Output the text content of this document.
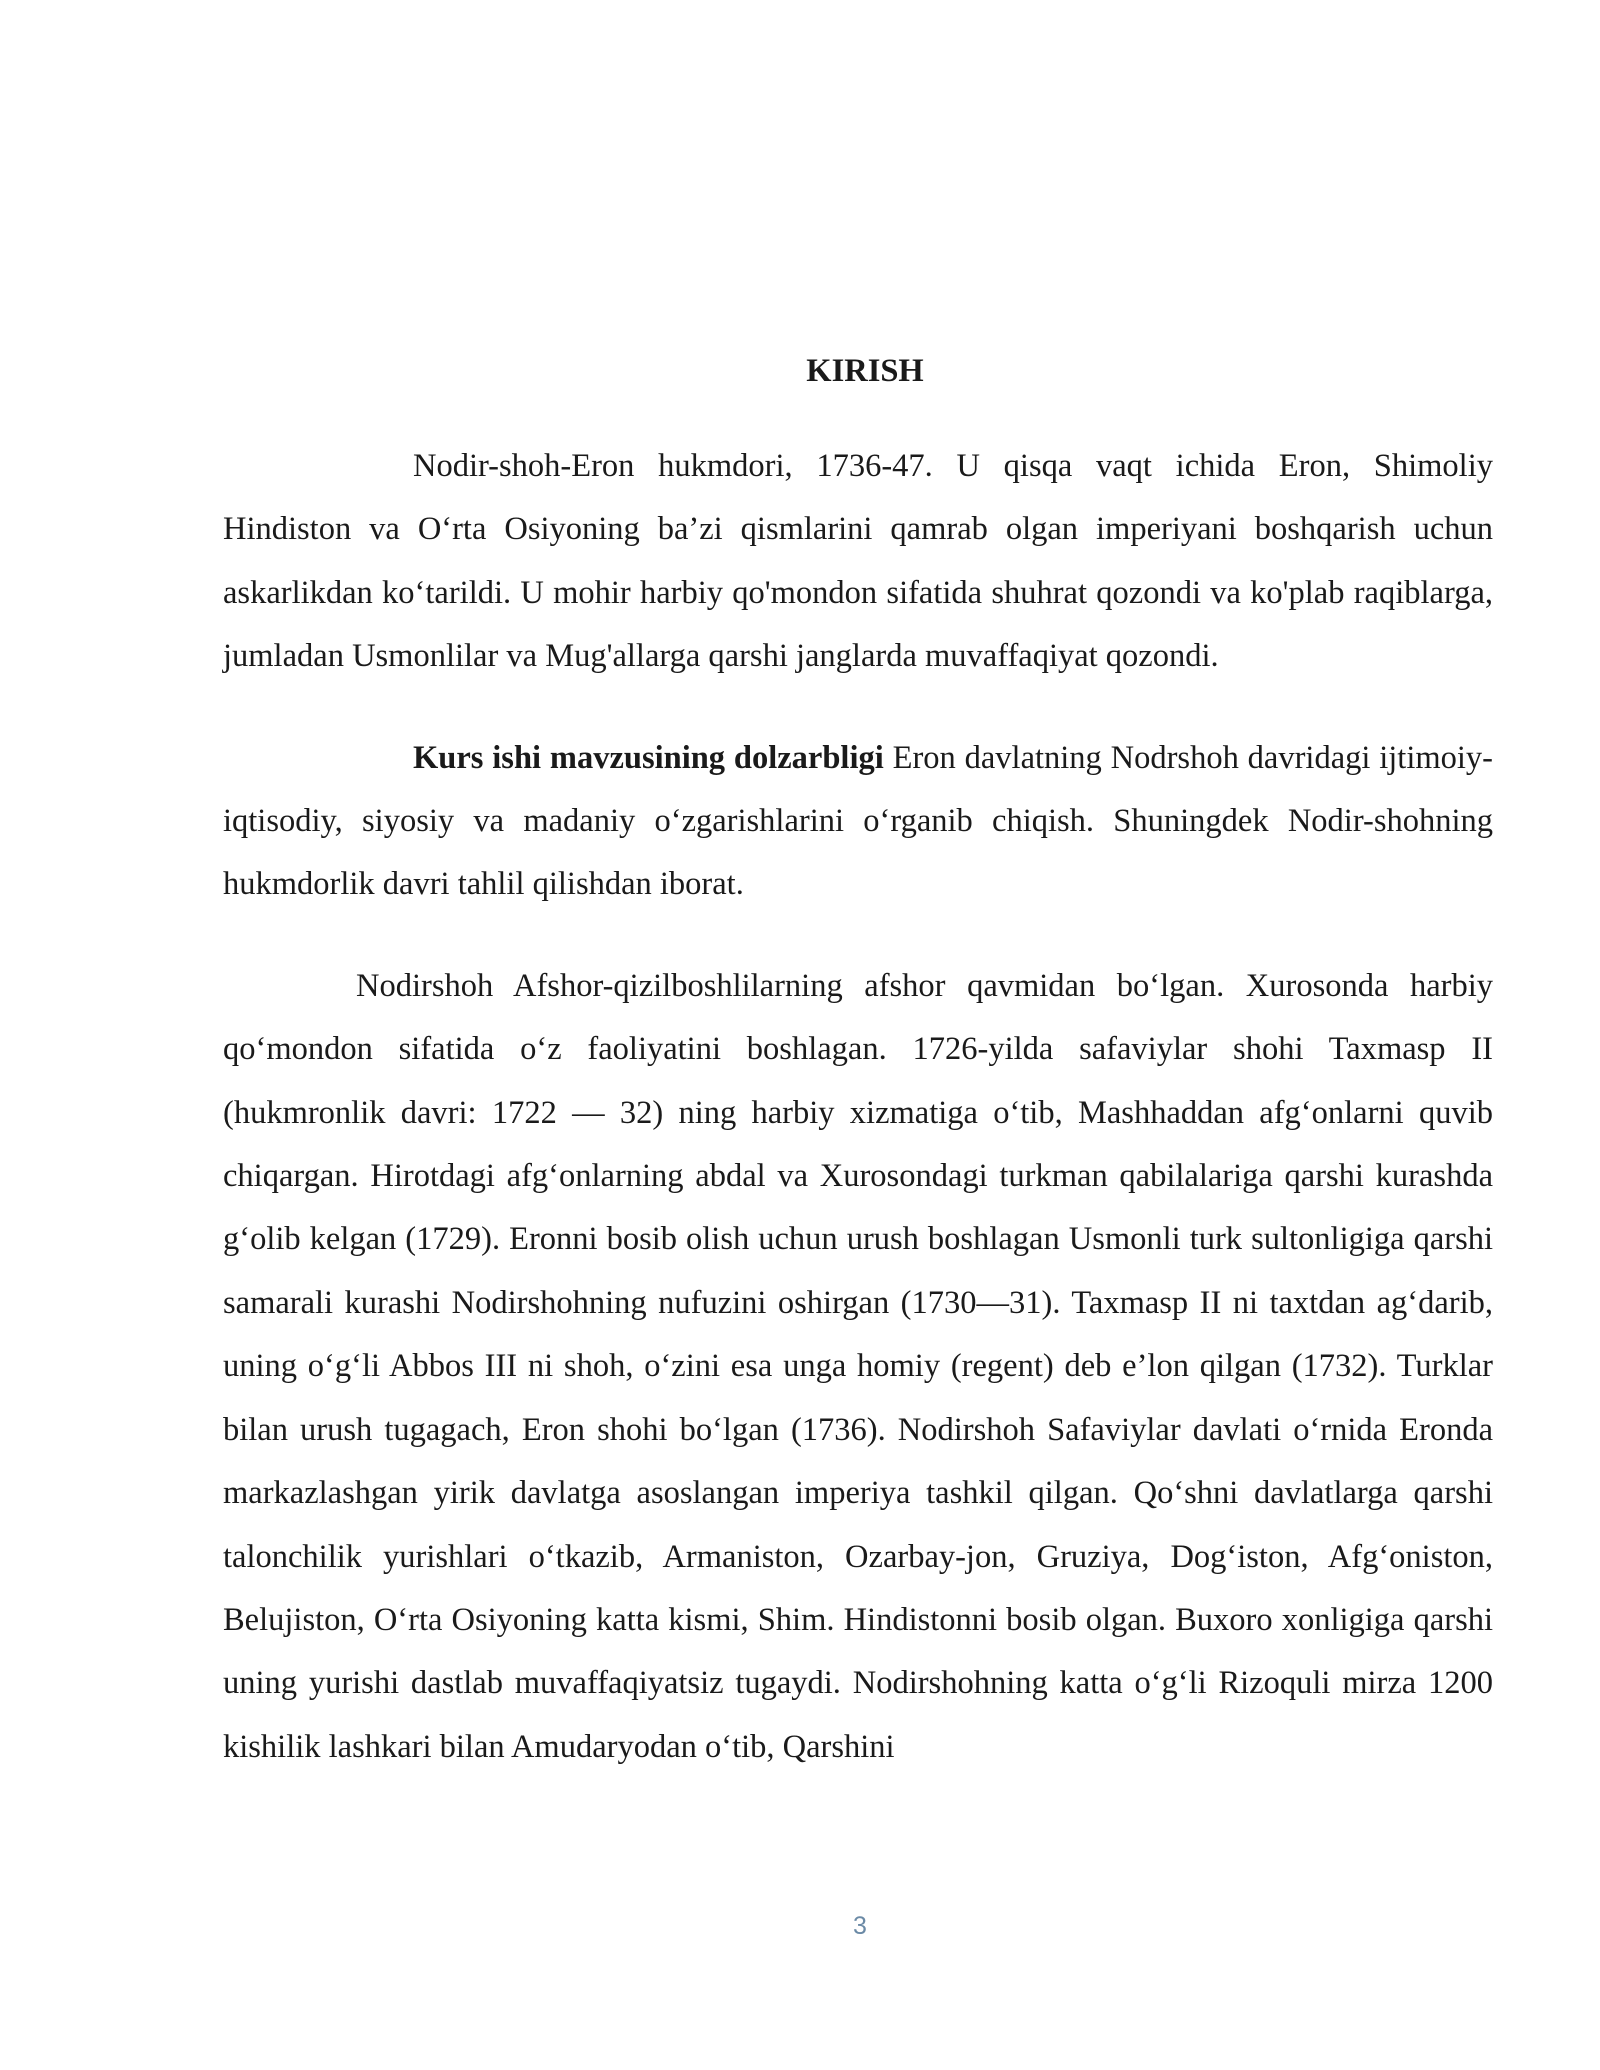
KIRISH

Nodir-shoh-Eron hukmdori, 1736-47. U qisqa vaqt ichida Eron, Shimoliy Hindiston va O‘rta Osiyoning ba’zi qismlarini qamrab olgan imperiyani boshqarish uchun askarlikdan ko‘tarildi. U mohir harbiy qo'mondon sifatida shuhrat qozondi va ko'plab raqiblarga, jumladan Usmonlilar va Mug'allarga qarshi janglarda muvaffaqiyat qozondi.

Kurs ishi mavzusining dolzarbligi Eron davlatning Nodrshoh davridagi ijtimoiy-iqtisodiy, siyosiy va madaniy o‘zgarishlarini o‘rganib chiqish. Shuningdek Nodir-shohning hukmdorlik davri tahlil qilishdan iborat.

Nodirshoh Afshor-qizilboshlilarning afshor qavmidan bo‘lgan. Xurosonda harbiy qo‘mondon sifatida o‘z faoliyatini boshlagan. 1726-yilda safaviylar shohi Taxmasp II (hukmronlik davri: 1722 — 32) ning harbiy xizmatiga o‘tib, Mashhaddan afg‘onlarni quvib chiqargan. Hirotdagi afg‘onlarning abdal va Xurosondagi turkman qabilalariga qarshi kurashda g‘olib kelgan (1729). Eronni bosib olish uchun urush boshlagan Usmonli turk sultonligiga qarshi samarali kurashi Nodirshohning nufuzini oshirgan (1730—31). Taxmasp II ni taxtdan ag‘darib, uning o‘g‘li Abbos III ni shoh, o‘zini esa unga homiy (regent) deb e’lon qilgan (1732). Turklar bilan urush tugagach, Eron shohi bo‘lgan (1736). Nodirshoh Safaviylar davlati o‘rnida Eronda markazlashgan yirik davlatga asoslangan imperiya tashkil qilgan. Qo‘shni davlatlarga qarshi talonchilik yurishlari o‘tkazib, Armaniston, Ozarbay-jon, Gruziya, Dog‘iston, Afg‘oniston, Belujiston, O‘rta Osiyoning katta kismi, Shim. Hindistonni bosib olgan. Buxoro xonligiga qarshi uning yurishi dastlab muvaffaqiyatsiz tugaydi. Nodirshohning katta o‘g‘li Rizoquli mirza 1200 kishilik lashkari bilan Amudaryodan o‘tib, Qarshini

3
